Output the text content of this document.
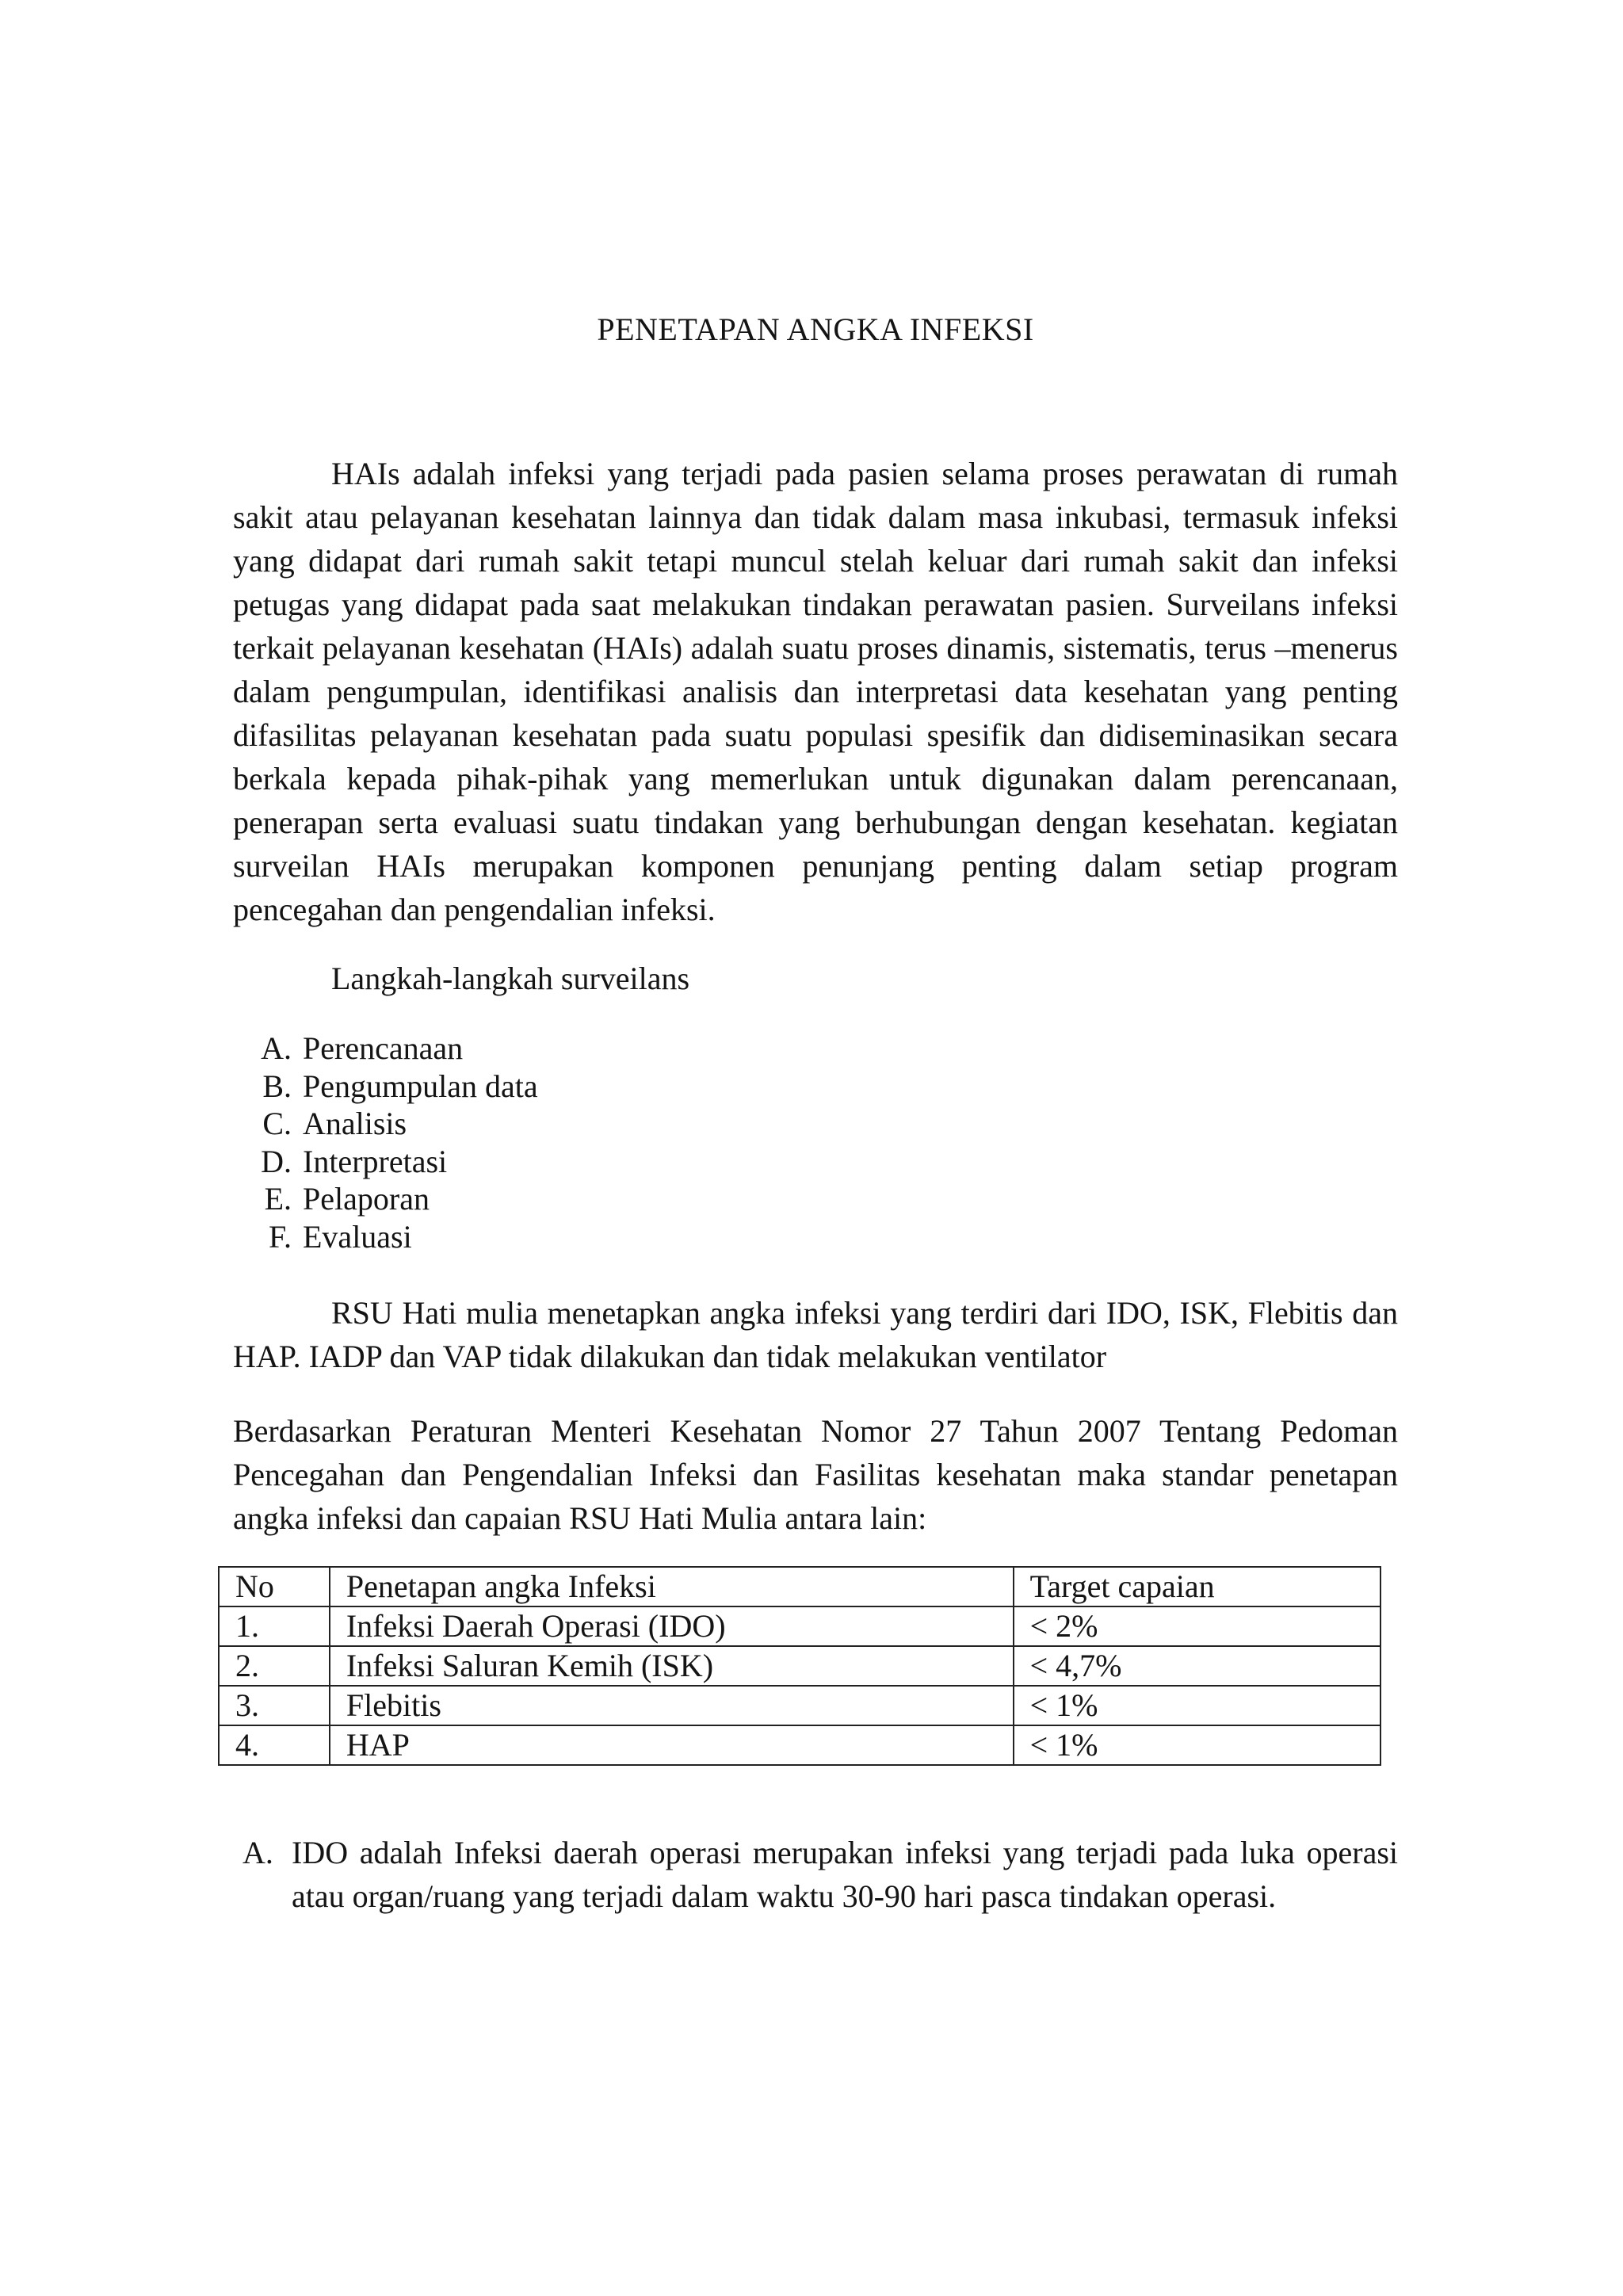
PENETAPAN ANGKA INFEKSI

HAIs adalah infeksi yang terjadi pada pasien selama proses perawatan di rumah sakit atau pelayanan kesehatan lainnya dan tidak dalam masa inkubasi, termasuk infeksi yang didapat dari rumah sakit tetapi muncul stelah keluar dari rumah sakit dan infeksi petugas yang didapat pada saat melakukan tindakan perawatan pasien. Surveilans infeksi terkait pelayanan kesehatan (HAIs) adalah suatu proses dinamis, sistematis, terus –menerus dalam pengumpulan, identifikasi analisis dan interpretasi data kesehatan yang penting difasilitas pelayanan kesehatan pada suatu populasi spesifik dan didiseminasikan secara berkala kepada pihak-pihak yang memerlukan untuk digunakan dalam perencanaan, penerapan serta evaluasi suatu tindakan yang berhubungan dengan kesehatan. kegiatan surveilan HAIs merupakan komponen penunjang penting dalam setiap program pencegahan dan pengendalian infeksi.

Langkah-langkah surveilans

A. Perencanaan
B. Pengumpulan data
C. Analisis
D. Interpretasi
E. Pelaporan
F. Evaluasi

RSU Hati mulia menetapkan angka infeksi yang terdiri dari IDO, ISK, Flebitis dan HAP. IADP dan VAP tidak dilakukan dan tidak melakukan ventilator

Berdasarkan Peraturan Menteri Kesehatan Nomor 27 Tahun 2007 Tentang Pedoman Pencegahan dan Pengendalian Infeksi dan Fasilitas kesehatan maka standar penetapan angka infeksi dan capaian RSU Hati Mulia antara lain:

No	Penetapan angka Infeksi	Target capaian
1.	Infeksi Daerah Operasi (IDO)	< 2%
2.	Infeksi Saluran Kemih (ISK)	< 4,7%
3.	Flebitis	< 1%
4.	HAP	< 1%
A. IDO adalah Infeksi daerah operasi merupakan infeksi yang terjadi pada luka operasi atau organ/ruang yang terjadi dalam waktu 30-90 hari pasca tindakan operasi.
